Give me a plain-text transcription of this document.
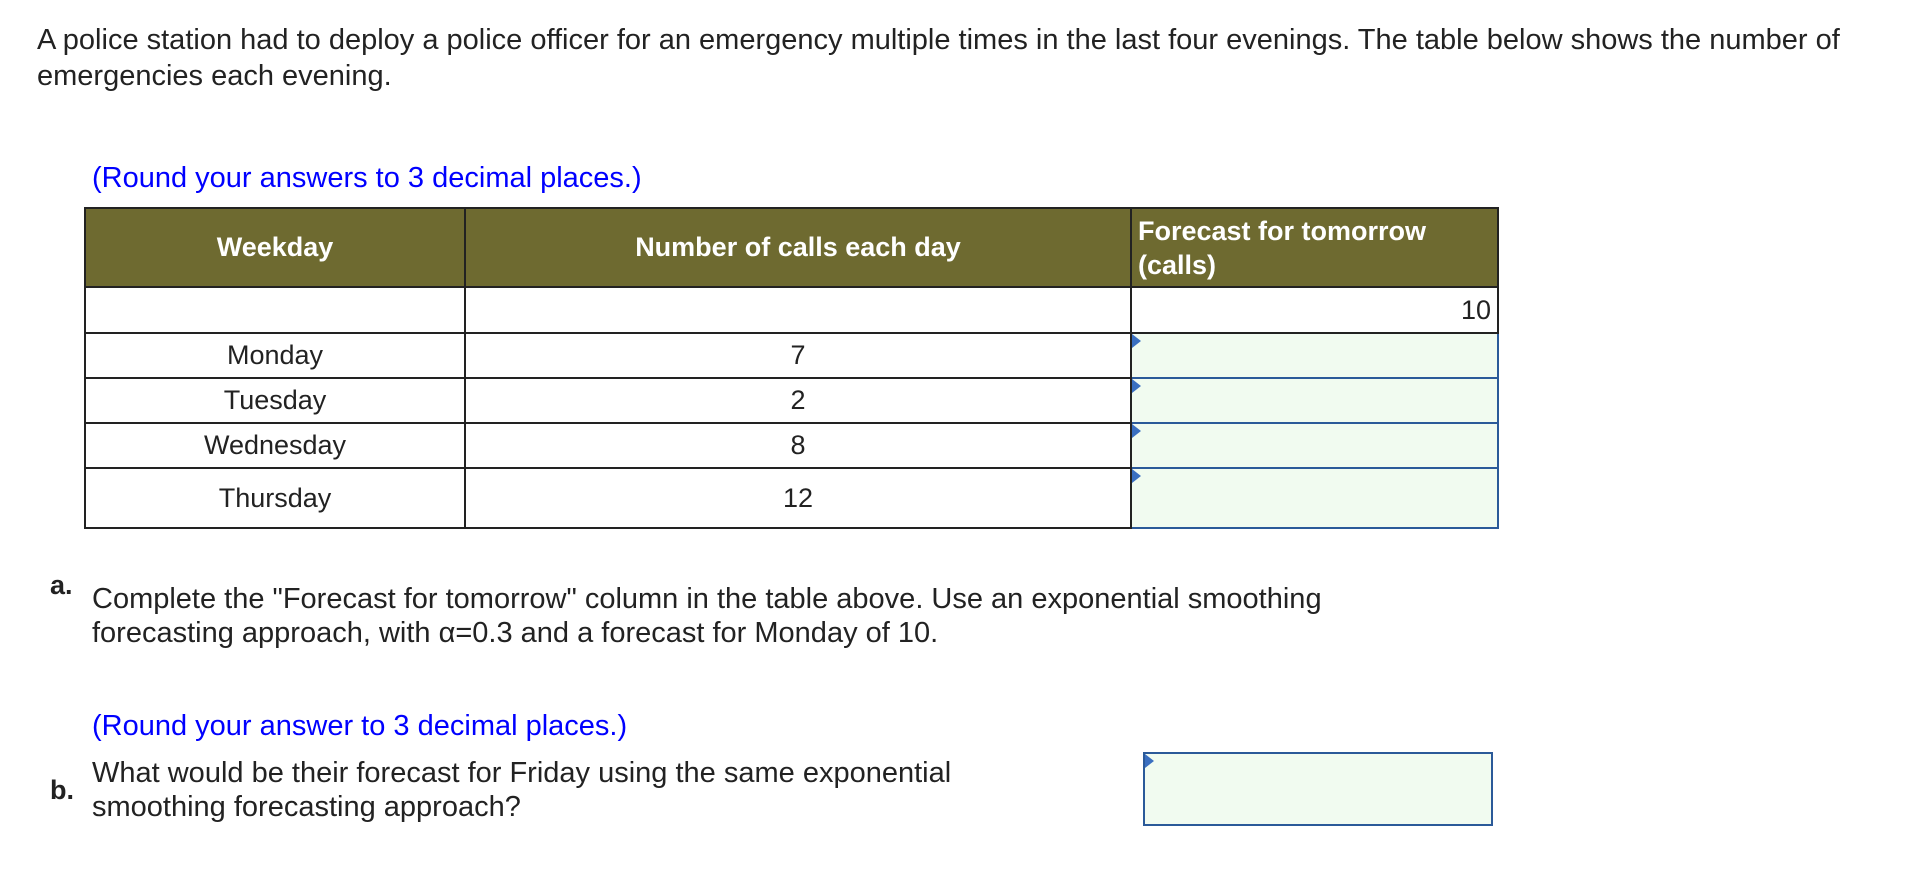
A police station had to deploy a police officer for an emergency multiple times in the last four evenings. The table below shows the number of emergencies each evening.
(Round your answers to 3 decimal places.)
Weekday	Number of calls each day	Forecast for tomorrow (calls)
		10
Monday	7	

Tuesday	2	

Wednesday	8	

Thursday	12	
a. Complete the "Forecast for tomorrow" column in the table above. Use an exponential smoothing forecasting approach, with α=0.3 and a forecast for Monday of 10.
(Round your answer to 3 decimal places.)
b.
What would be their forecast for Friday using the same exponential smoothing forecasting approach?
